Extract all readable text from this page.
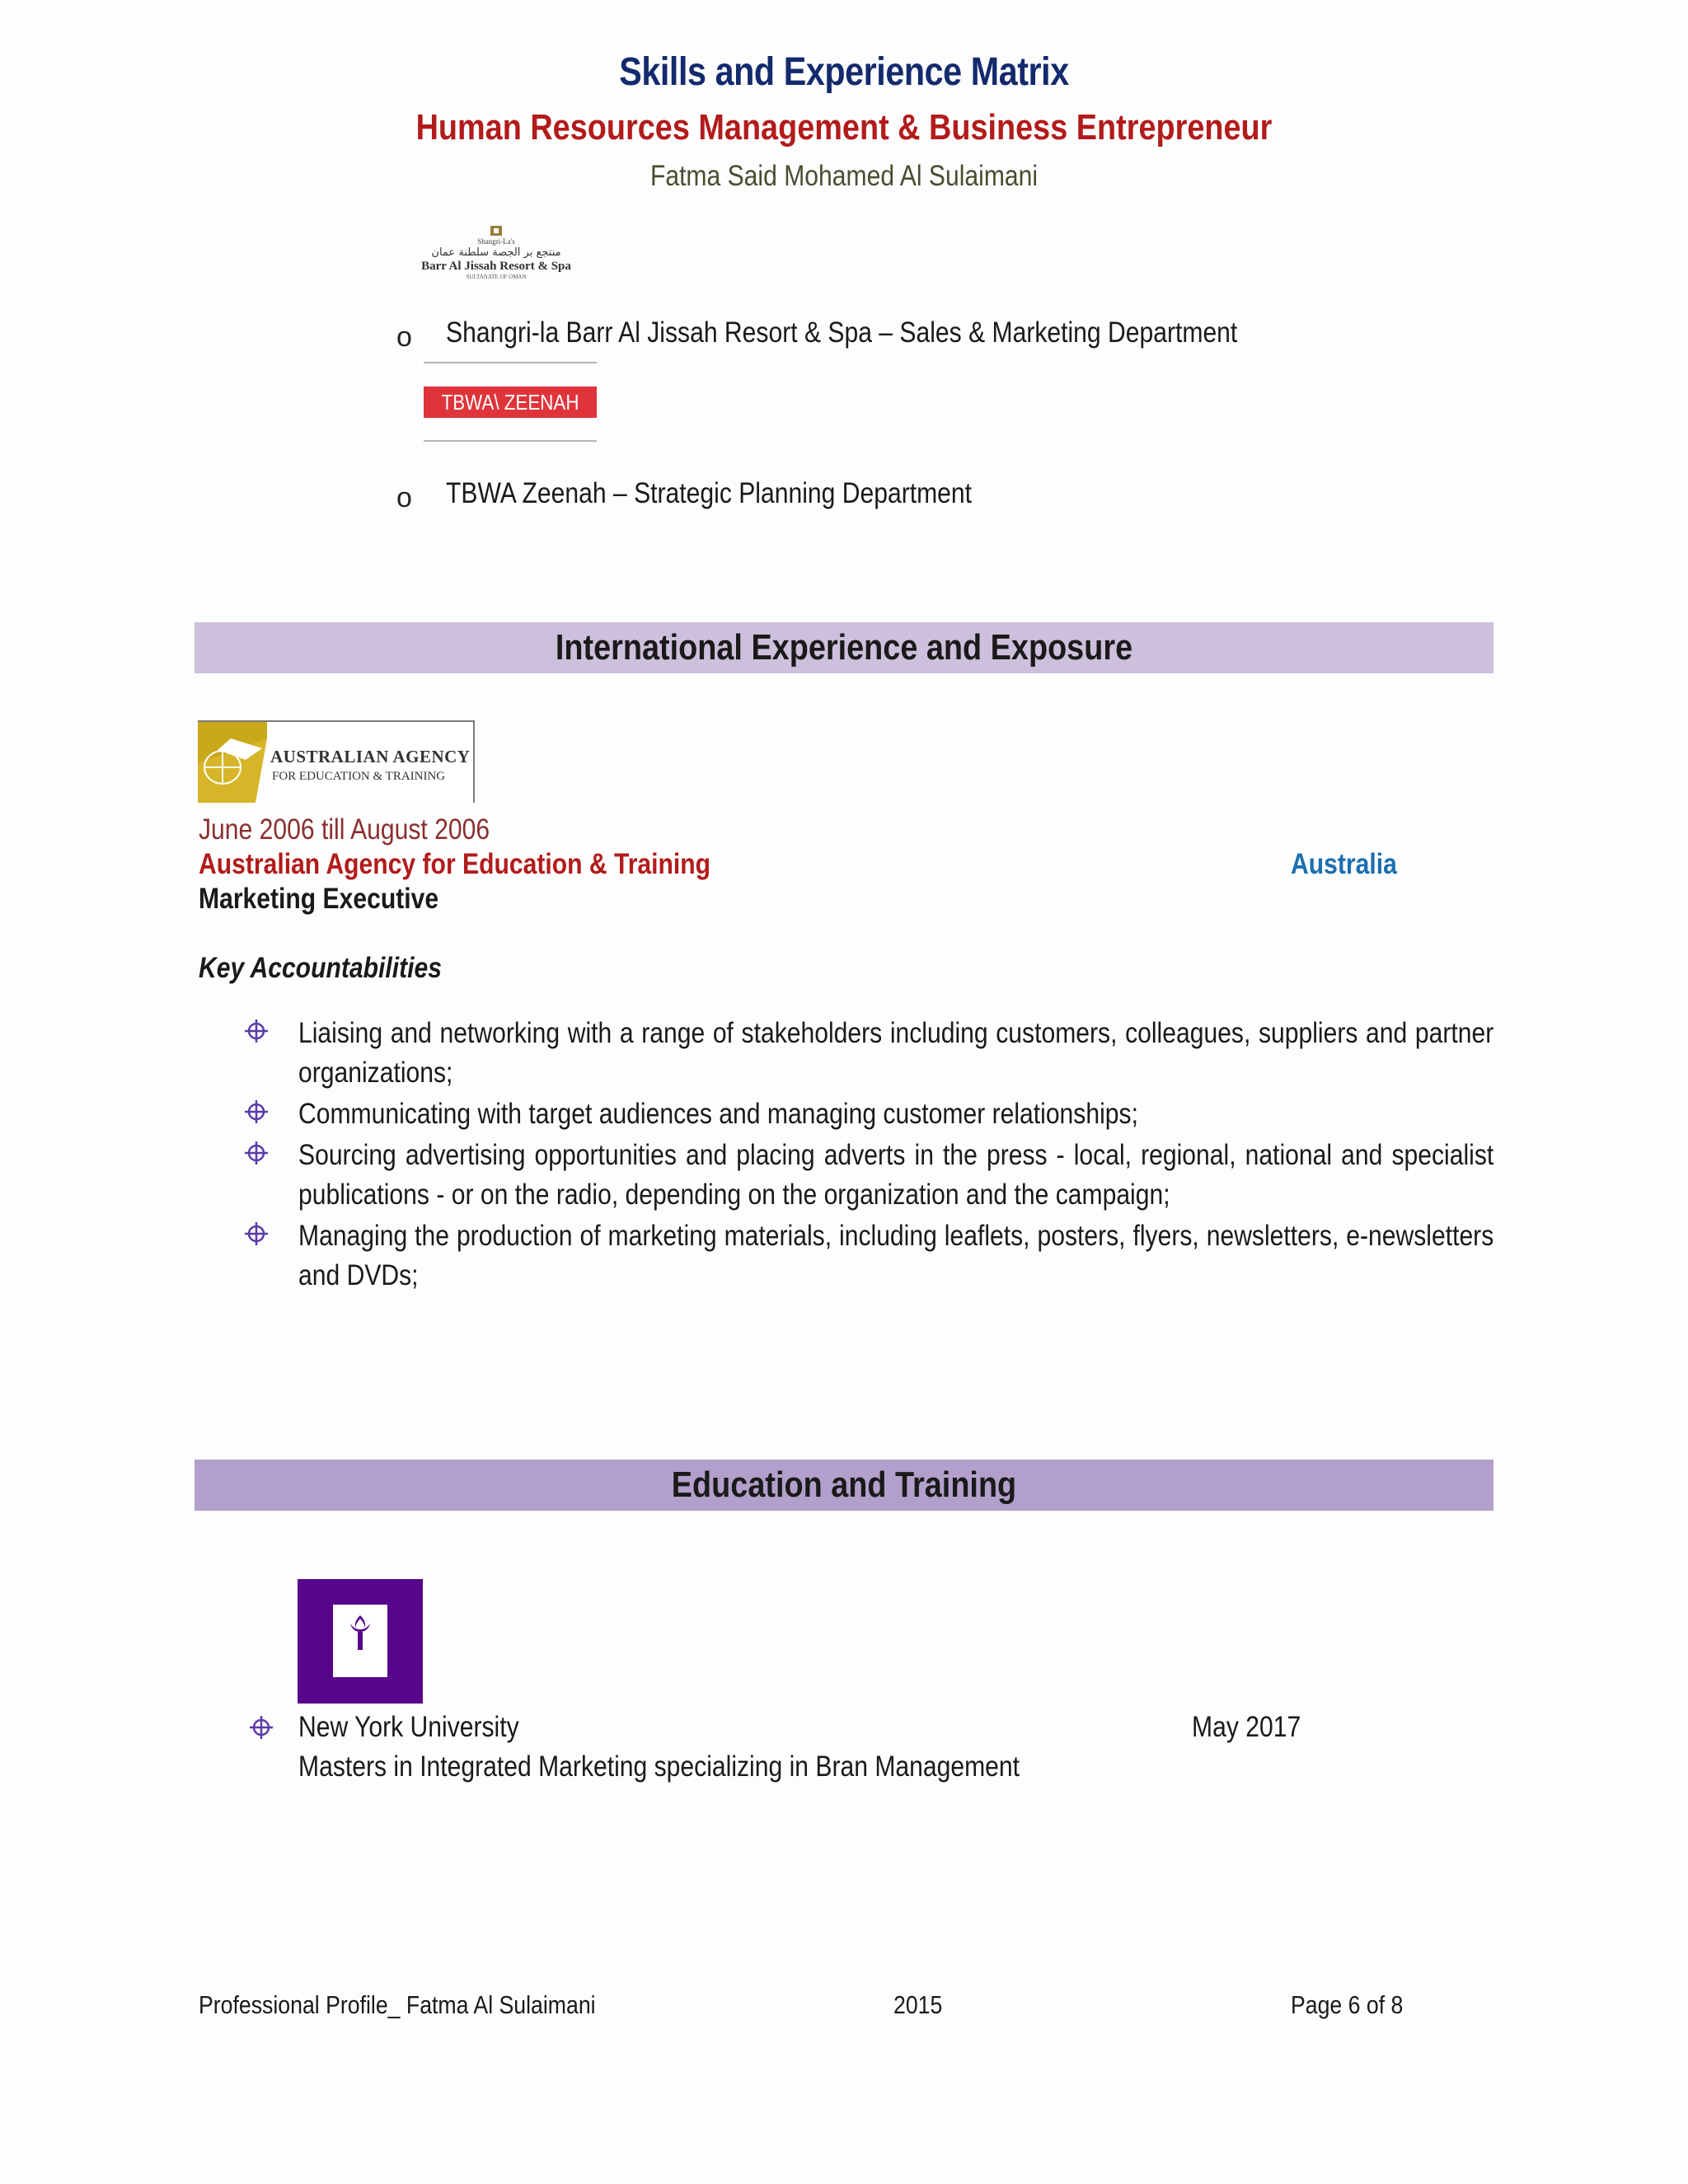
Skills and Experience Matrix
Human Resources Management & Business Entrepreneur
Fatma Said Mohamed Al Sulaimani
Shangri-La's
منتجع بر الجصة سلطنة عمان
Barr Al Jissah Resort & Spa
SULTANATE OF OMAN
o Shangri-la Barr Al Jissah Resort & Spa – Sales & Marketing Department
TBWA\ ZEENAH
o TBWA Zeenah – Strategic Planning Department
International Experience and Exposure
AUSTRALIAN AGENCY
FOR EDUCATION & TRAINING
June 2006 till August 2006
Australian Agency for Education & Training	Australia
Marketing Executive
Key Accountabilities
Liaising and networking with a range of stakeholders including customers, colleagues, suppliers and partner organizations;
Communicating with target audiences and managing customer relationships;
Sourcing advertising opportunities and placing adverts in the press - local, regional, national and specialist publications - or on the radio, depending on the organization and the campaign;
Managing the production of marketing materials, including leaflets, posters, flyers, newsletters, e-newsletters and DVDs;
Education and Training
NYU
New York University	May 2017
Masters in Integrated Marketing specializing in Bran Management
Professional Profile_ Fatma Al Sulaimani	2015	Page 6 of 8
